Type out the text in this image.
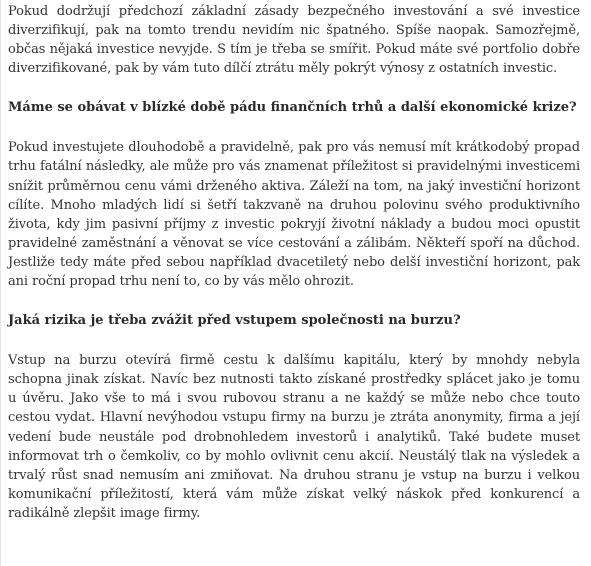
Pokud dodržují předchozí základní zásady bezpečného investování a své investice diverzifikují, pak na tomto trendu nevidím nic špatného. Spíše naopak. Samozřejmě, občas nějaká investice nevyjde. S tím je třeba se smířit. Pokud máte své portfolio dobře diverzifikované, pak by vám tuto dílčí ztrátu měly pokrýt výnosy z ostatních investic.

Máme se obávat v blízké době pádu finančních trhů a další ekonomické krize?

Pokud investujete dlouhodobě a pravidelně, pak pro vás nemusí mít krátkodobý propad trhu fatální následky, ale může pro vás znamenat příležitost si pravidelnými investicemi snížit průměrnou cenu vámi drženého aktiva. Záleží na tom, na jaký investiční horizont cílíte. Mnoho mladých lidí si šetří takzvaně na druhou polovinu svého produktivního života, kdy jim pasivní příjmy z investic pokryjí životní náklady a budou moci opustit pravidelné zaměstnání a věnovat se více cestování a zálibám. Někteří spoří na důchod. Jestliže tedy máte před sebou například dvacetiletý nebo delší investiční horizont, pak ani roční propad trhu není to, co by vás mělo ohrozit.

Jaká rizika je třeba zvážit před vstupem společnosti na burzu?

Vstup na burzu otevírá firmě cestu k dalšímu kapitálu, který by mnohdy nebyla schopna jinak získat. Navíc bez nutnosti takto získané prostředky splácet jako je tomu u úvěru. Jako vše to má i svou rubovou stranu a ne každý se může nebo chce touto cestou vydat. Hlavní nevýhodou vstupu firmy na burzu je ztráta anonymity, firma a její vedení bude neustále pod drobnohledem investorů i analytiků. Také budete muset informovat trh o čemkoliv, co by mohlo ovlivnit cenu akcií. Neustálý tlak na výsledek a trvalý růst snad nemusím ani zmiňovat. Na druhou stranu je vstup na burzu i velkou komunikační příležitostí, která vám může získat velký náskok před konkurencí a radikálně zlepšit image firmy.
